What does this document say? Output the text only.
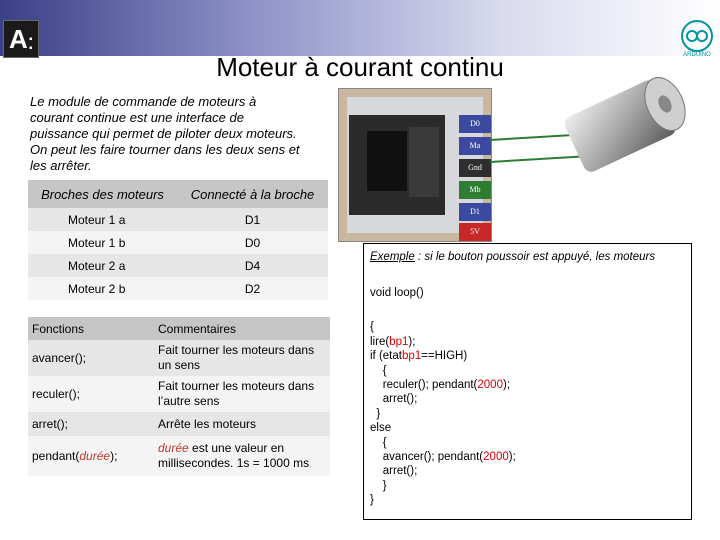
A ▪
▪
ARDUINO
Moteur à courant continu
Le module de commande de moteurs à courant continue est une interface de puissance qui permet de piloter deux moteurs. On peut les faire tourner dans les deux sens et les arrêter.
Broches des moteurs	Connecté à la broche
Moteur 1 a	D1
Moteur 1 b	D0
Moteur 2 a	D4
Moteur 2 b	D2
Fonctions	Commentaires
avancer();	Fait tourner les moteurs dans un sens
reculer();	Fait tourner les moteurs dans l’autre sens
arret();	Arrête les moteurs
pendant(durée);	durée est une valeur en millisecondes. 1s = 1000 ms
D0
Ma
Gnd
Mb
D1
5V
Exemple : si le bouton poussoir est appuyé, les moteurs
void loop()

{
lire(bp1);
if (etatbp1==HIGH)
{
reculer(); pendant(2000);
arret();
}
else
{
avancer(); pendant(2000);
arret();
}
}
